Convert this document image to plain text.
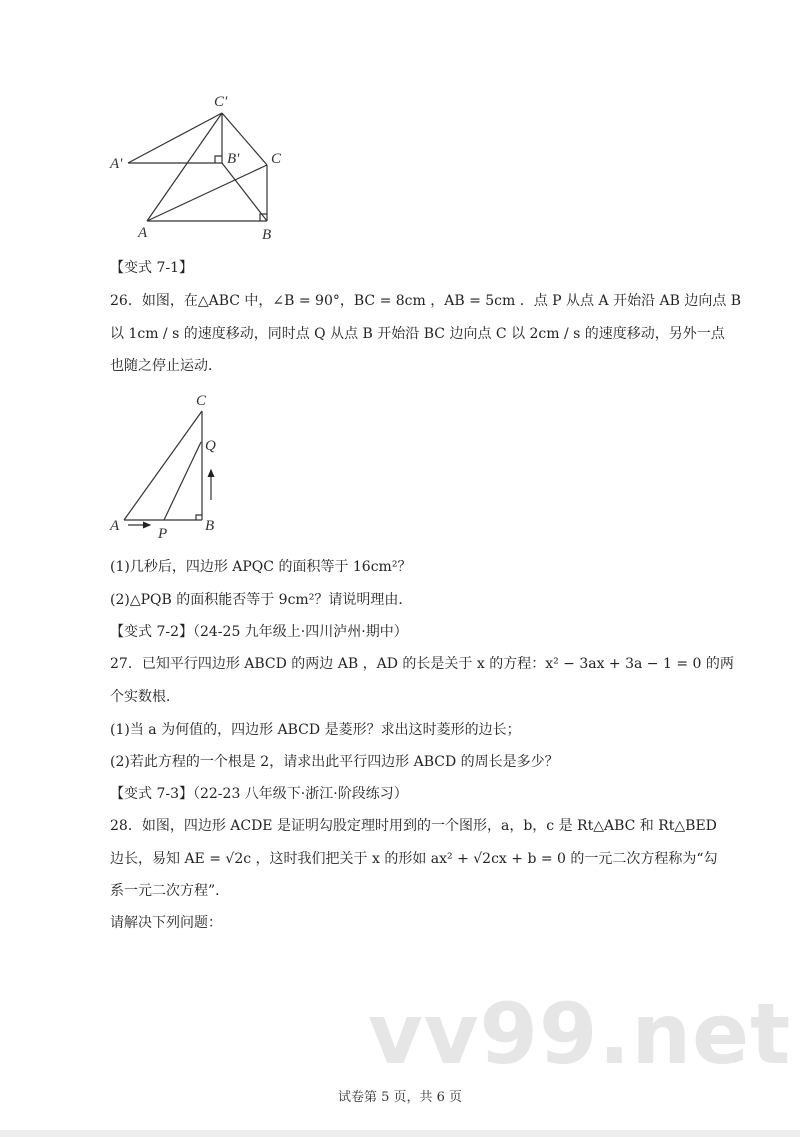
C'
A'	B' C
A	B
C
Q
A	P	B
【变式 7-1】
26．如图，在△ABC 中，∠B = 90°，BC = 8cm ，AB = 5cm ．点 P 从点 A 开始沿 AB 边向点 B
以 1cm / s 的速度移动，同时点 Q 从点 B 开始沿 BC 边向点 C 以 2cm / s 的速度移动，另外一点
也随之停止运动．
(1)几秒后，四边形 APQC 的面积等于 16cm²？
(2)△PQB 的面积能否等于 9cm²？请说明理由．
【变式 7-2】（24-25 九年级上·四川泸州·期中）
27．已知平行四边形 ABCD 的两边 AB ，AD 的长是关于 x 的方程：x² − 3ax + 3a − 1 = 0 的两
个实数根．
(1)当 a 为何值的，四边形 ABCD 是菱形？求出这时菱形的边长；
(2)若此方程的一个根是 2，请求出此平行四边形 ABCD 的周长是多少？
【变式 7-3】（22-23 八年级下·浙江·阶段练习）
28．如图，四边形 ACDE 是证明勾股定理时用到的一个图形，a，b，c 是 Rt△ABC 和 Rt△BED
边长，易知 AE = √2c ，这时我们把关于 x 的形如 ax² + √2cx + b = 0 的一元二次方程称为“勾
系一元二次方程”．
请解决下列问题：
vv99.net
试卷第 5 页，共 6 页
